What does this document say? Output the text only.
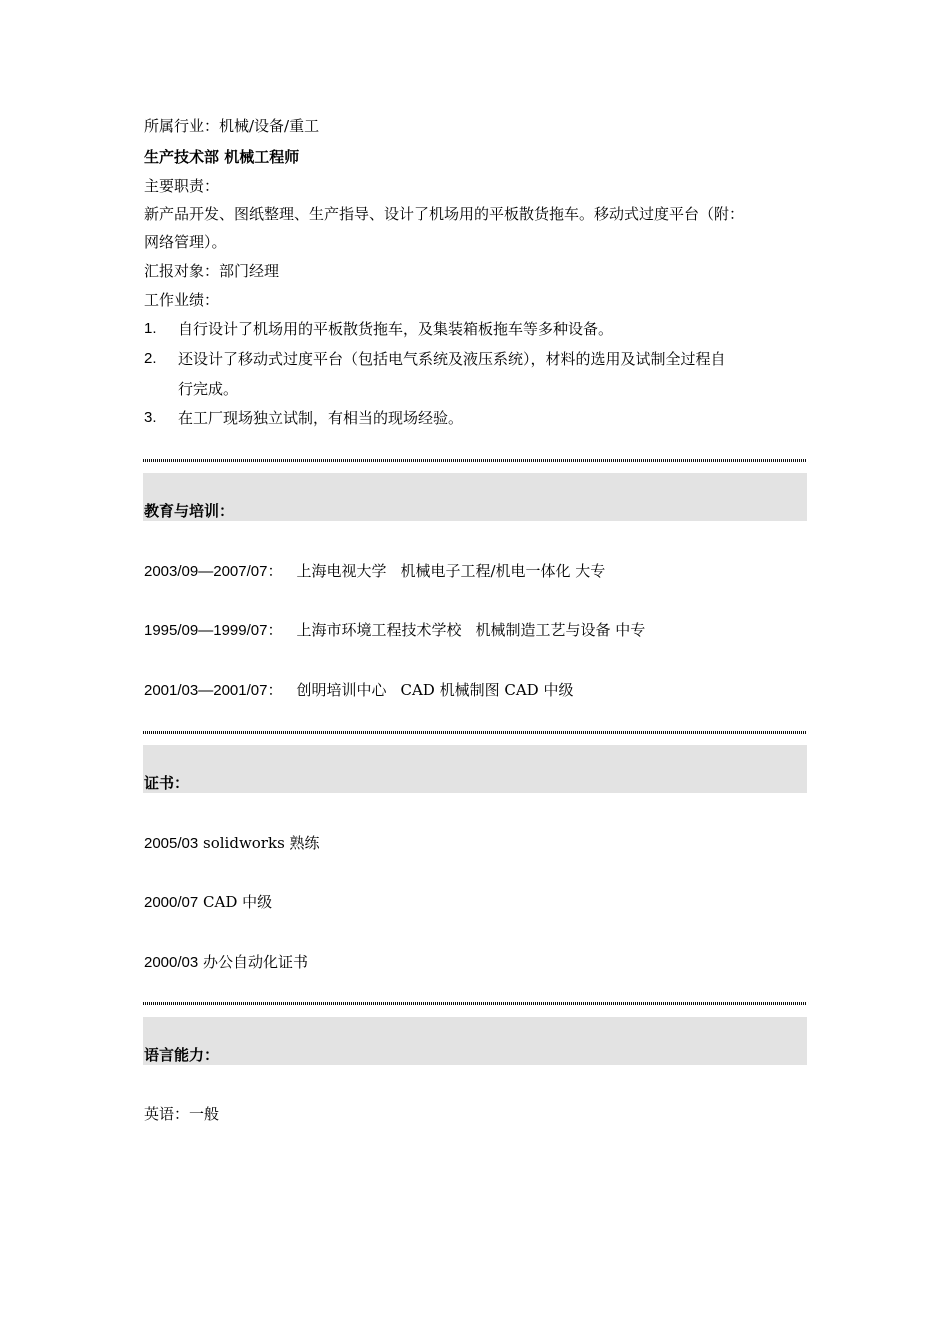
所属行业：机械/设备/重工
生产技术部 机械工程师
主要职责：
新产品开发、图纸整理、生产指导、设计了机场用的平板散货拖车。移动式过度平台（附：
网络管理）。
汇报对象：部门经理
工作业绩：
1. 自行设计了机场用的平板散货拖车，及集装箱板拖车等多种设备。
2. 还设计了移动式过度平台（包括电气系统及液压系统），材料的选用及试制全过程自
行完成。
3. 在工厂现场独立试制，有相当的现场经验。
教育与培训：
2003/09—2007/07： 上海电视大学 机械电子工程/机电一体化 大专
1995/09—1999/07： 上海市环境工程技术学校 机械制造工艺与设备 中专
2001/03—2001/07： 创明培训中心 CAD 机械制图 CAD 中级
证书：
2005/03 solidworks 熟练
2000/07 CAD 中级
2000/03 办公自动化证书
语言能力：
英语：一般
